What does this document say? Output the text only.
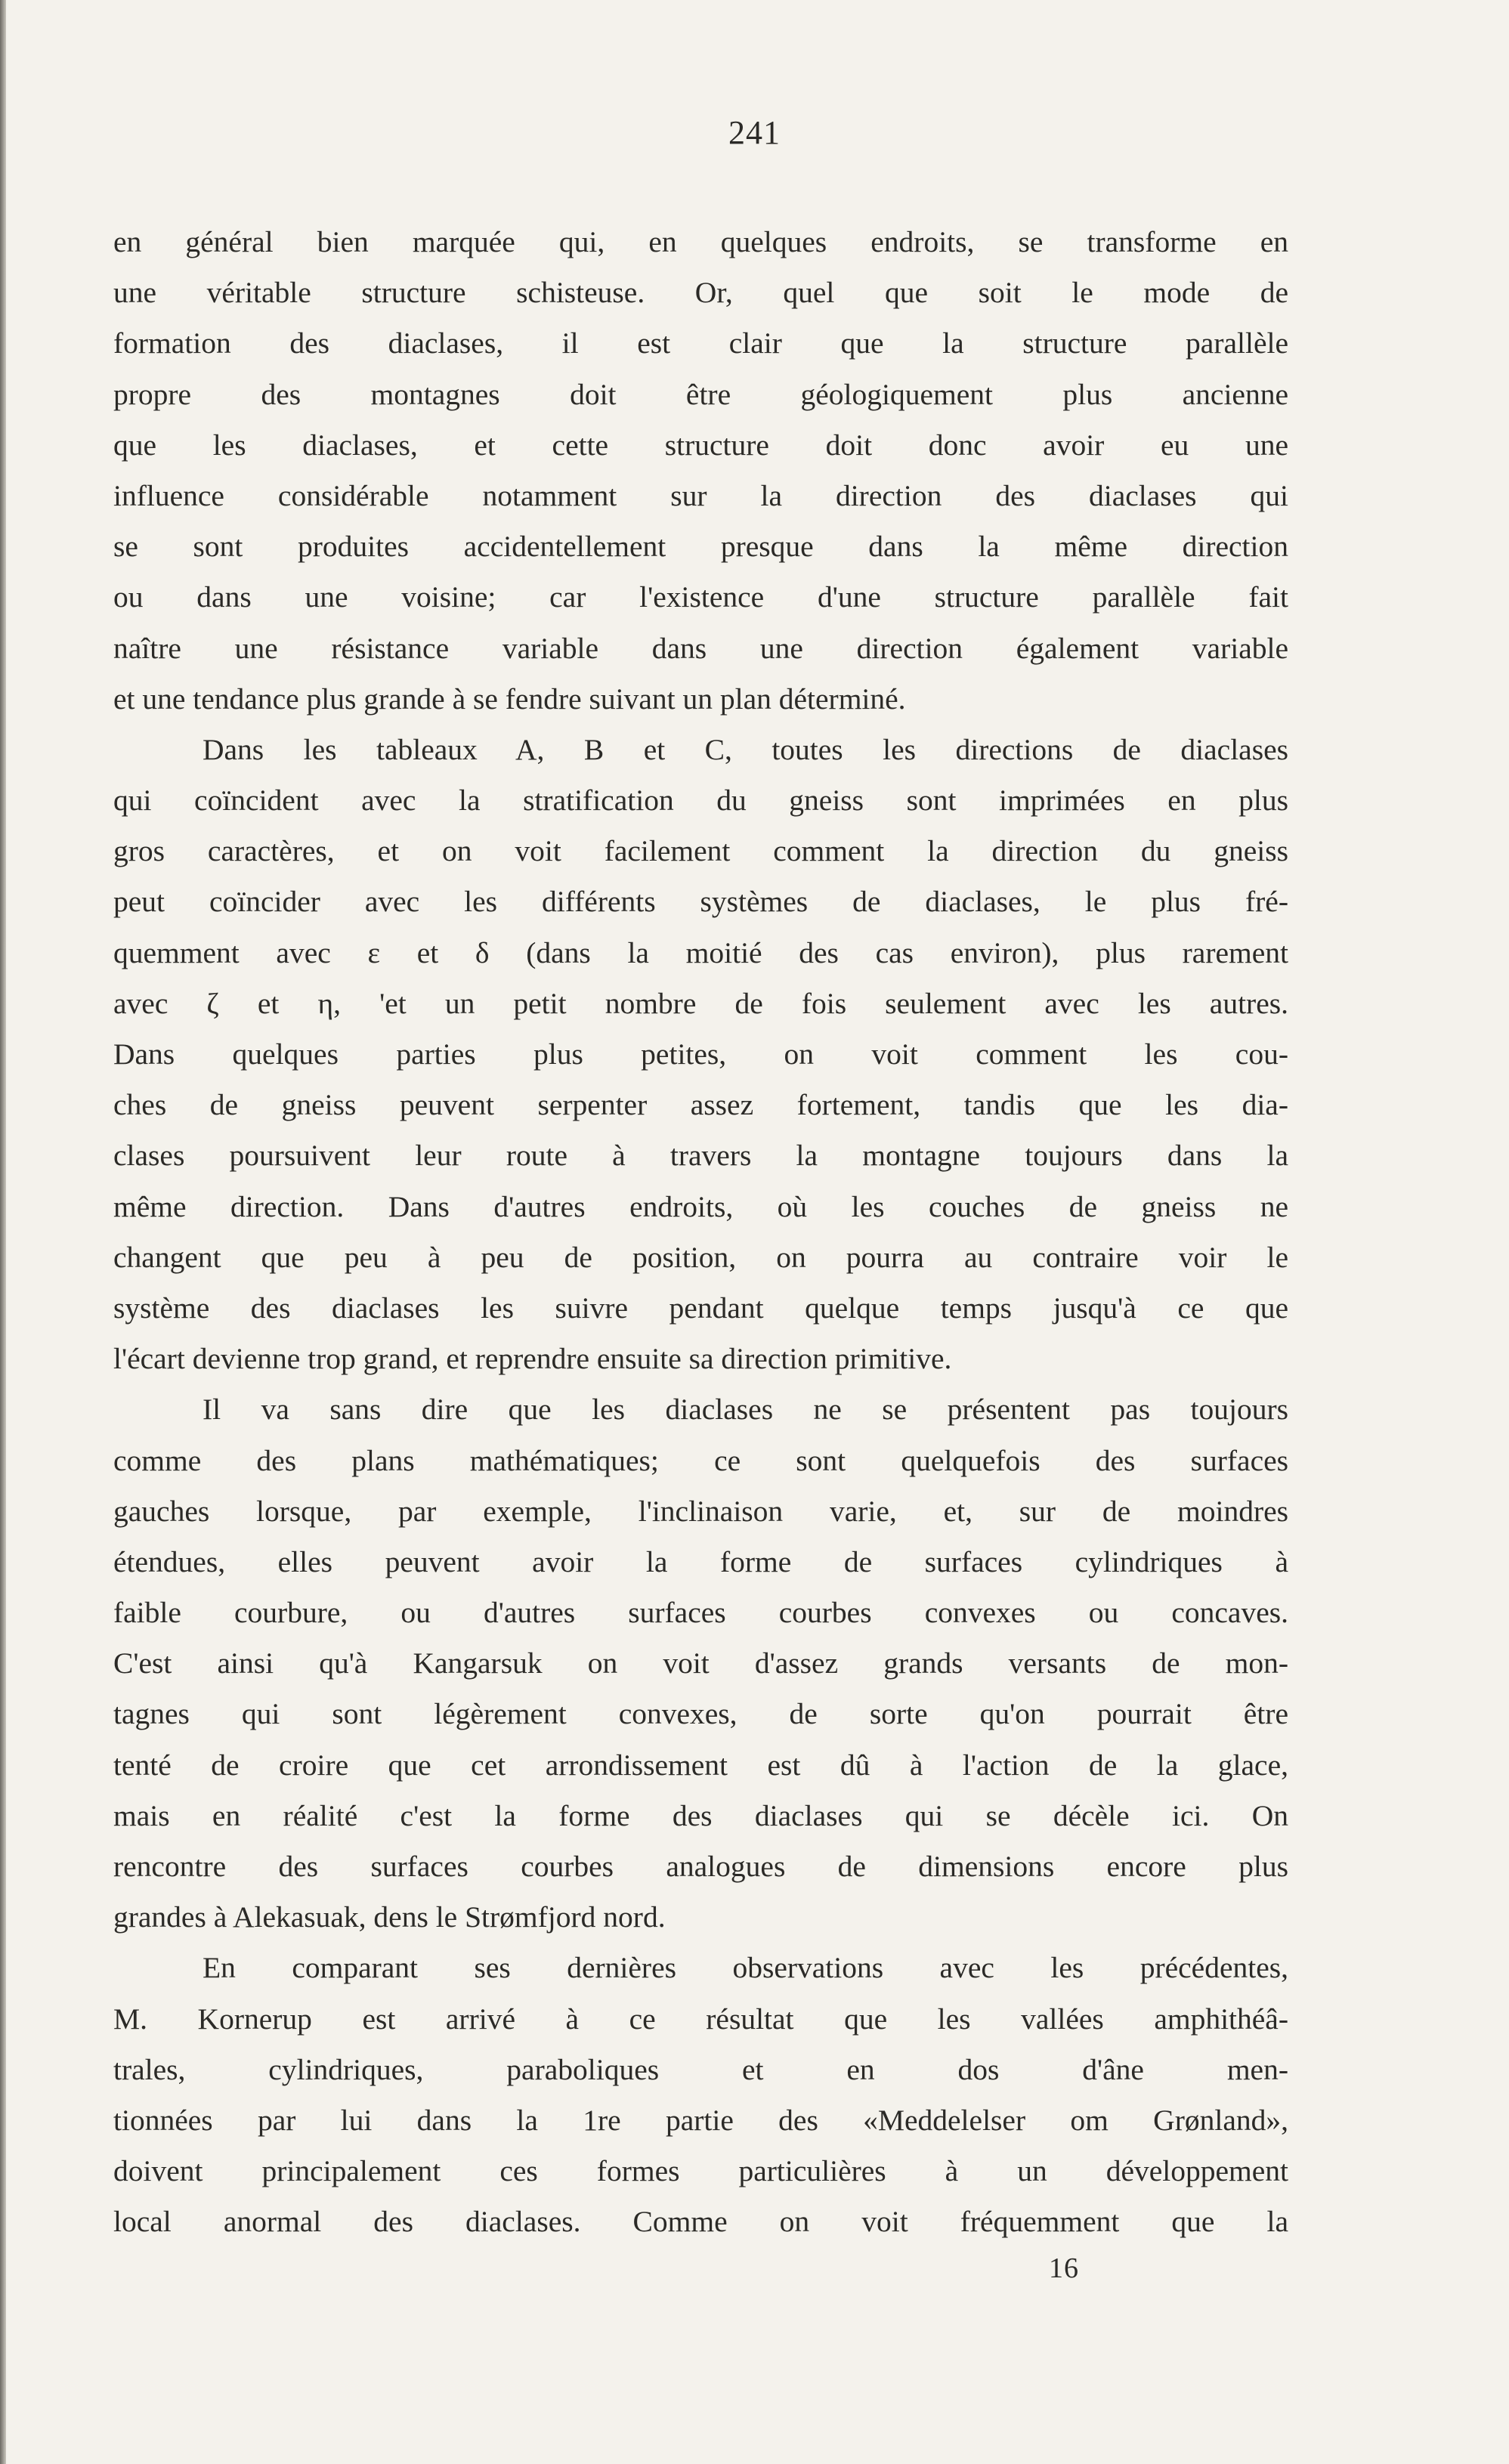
241
en général bien marquée qui, en quelques endroits, se transforme en
une véritable structure schisteuse. Or, quel que soit le mode de
formation des diaclases, il est clair que la structure parallèle
propre des montagnes doit être géologiquement plus ancienne
que les diaclases, et cette structure doit donc avoir eu une
influence considérable notamment sur la direction des diaclases qui
se sont produites accidentellement presque dans la même direction
ou dans une voisine; car l'existence d'une structure parallèle fait
naître une résistance variable dans une direction également variable
et une tendance plus grande à se fendre suivant un plan déterminé.
Dans les tableaux A, B et C, toutes les directions de diaclases
qui coïncident avec la stratification du gneiss sont imprimées en plus
gros caractères, et on voit facilement comment la direction du gneiss
peut coïncider avec les différents systèmes de diaclases, le plus fré-
quemment avec ε et δ (dans la moitié des cas environ), plus rarement
avec ζ et η, 'et un petit nombre de fois seulement avec les autres.
Dans quelques parties plus petites, on voit comment les cou-
ches de gneiss peuvent serpenter assez fortement, tandis que les dia-
clases poursuivent leur route à travers la montagne toujours dans la
même direction. Dans d'autres endroits, où les couches de gneiss ne
changent que peu à peu de position, on pourra au contraire voir le
système des diaclases les suivre pendant quelque temps jusqu'à ce que
l'écart devienne trop grand, et reprendre ensuite sa direction primitive.
Il va sans dire que les diaclases ne se présentent pas toujours
comme des plans mathématiques; ce sont quelquefois des surfaces
gauches lorsque, par exemple, l'inclinaison varie, et, sur de moindres
étendues, elles peuvent avoir la forme de surfaces cylindriques à
faible courbure, ou d'autres surfaces courbes convexes ou concaves.
C'est ainsi qu'à Kangarsuk on voit d'assez grands versants de mon-
tagnes qui sont légèrement convexes, de sorte qu'on pourrait être
tenté de croire que cet arrondissement est dû à l'action de la glace,
mais en réalité c'est la forme des diaclases qui se décèle ici. On
rencontre des surfaces courbes analogues de dimensions encore plus
grandes à Alekasuak, dens le Strømfjord nord.
En comparant ses dernières observations avec les précédentes,
M. Kornerup est arrivé à ce résultat que les vallées amphithéâ-
trales, cylindriques, paraboliques et en dos d'âne men-
tionnées par lui dans la 1re partie des «Meddelelser om Grønland»,
doivent principalement ces formes particulières à un développement
local anormal des diaclases. Comme on voit fréquemment que la
16
